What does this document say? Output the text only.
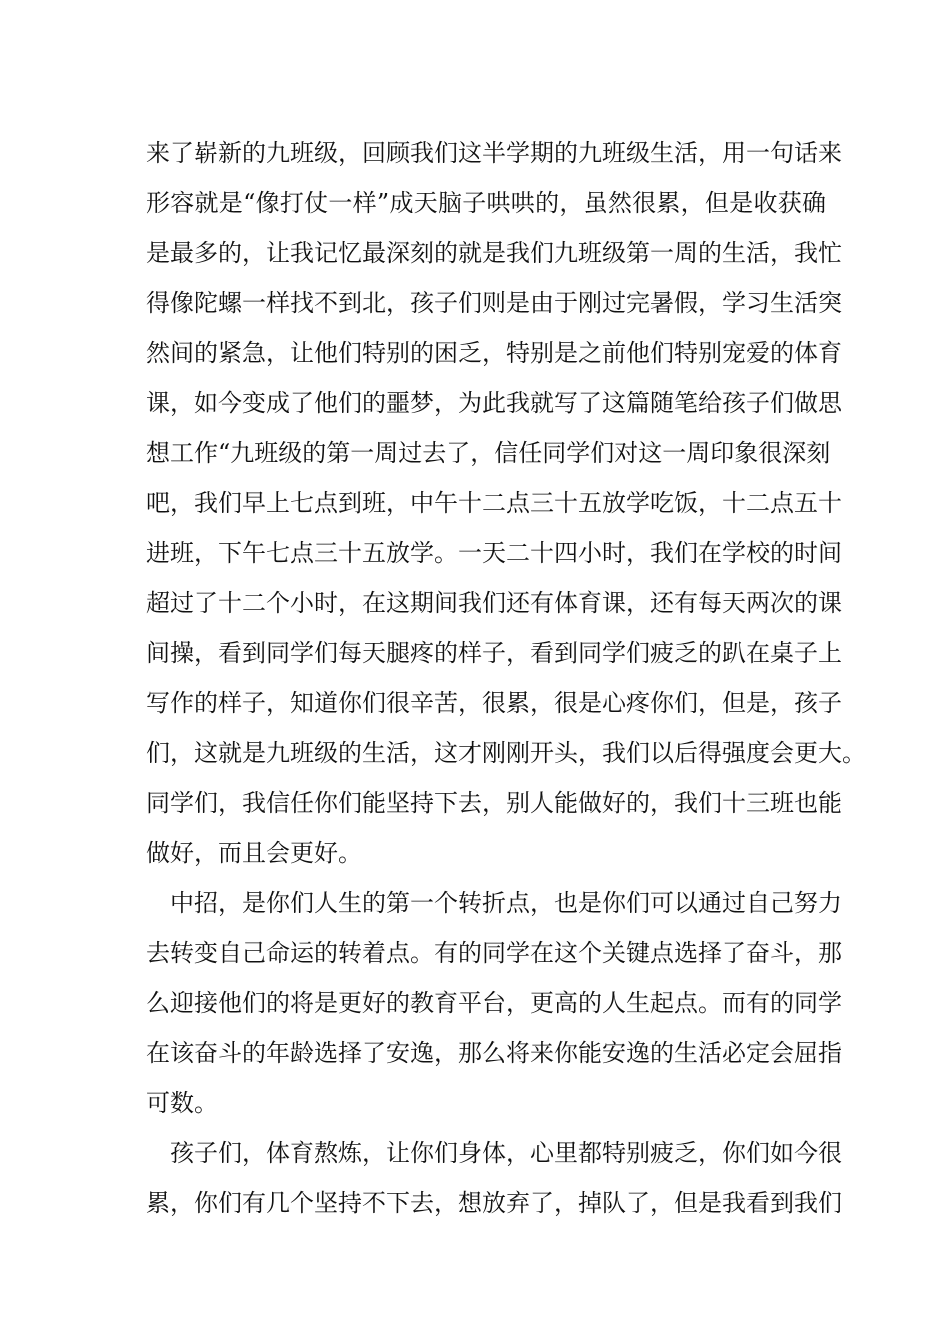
来了崭新的九班级，回顾我们这半学期的九班级生活，用一句话来
形容就是“像打仗一样”成天脑子哄哄的，虽然很累，但是收获确
是最多的，让我记忆最深刻的就是我们九班级第一周的生活，我忙
得像陀螺一样找不到北，孩子们则是由于刚过完暑假，学习生活突
然间的紧急，让他们特别的困乏，特别是之前他们特别宠爱的体育
课，如今变成了他们的噩梦，为此我就写了这篇随笔给孩子们做思
想工作“九班级的第一周过去了，信任同学们对这一周印象很深刻
吧，我们早上七点到班，中午十二点三十五放学吃饭，十二点五十
进班，下午七点三十五放学。一天二十四小时，我们在学校的时间
超过了十二个小时，在这期间我们还有体育课，还有每天两次的课
间操，看到同学们每天腿疼的样子，看到同学们疲乏的趴在桌子上
写作的样子，知道你们很辛苦，很累，很是心疼你们，但是，孩子
们，这就是九班级的生活，这才刚刚开头，我们以后得强度会更大。
同学们，我信任你们能坚持下去，别人能做好的，我们十三班也能
做好，而且会更好。
中招，是你们人生的第一个转折点，也是你们可以通过自己努力
去转变自己命运的转着点。有的同学在这个关键点选择了奋斗，那
么迎接他们的将是更好的教育平台，更高的人生起点。而有的同学
在该奋斗的年龄选择了安逸，那么将来你能安逸的生活必定会屈指
可数。
孩子们，体育熬炼，让你们身体，心里都特别疲乏，你们如今很
累，你们有几个坚持不下去，想放弃了，掉队了，但是我看到我们
